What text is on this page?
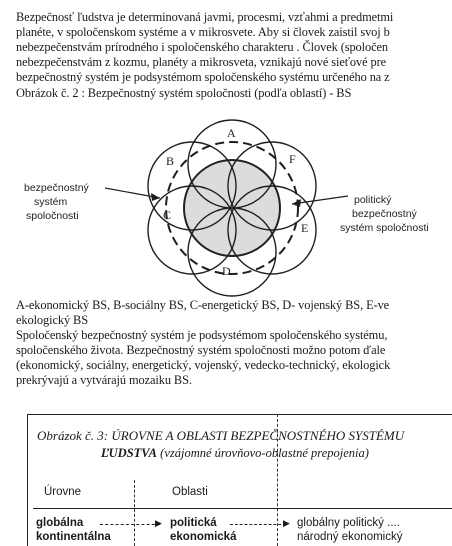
Bezpečnosť ľudstva je determinovaná javmi, procesmi, vzťahmi a predmetmi
planéte, v spoločenskom systéme a v mikrosvete. Aby si človek zaistil svoj b
nebezpečenstvám prírodného i spoločenského charakteru . Človek (spoločen
nebezpečenstvám z kozmu, planéty a mikrosveta, vznikajú nové sieťové pre
bezpečnostný systém je podsystémom spoločenského systému určeného na z
Obrázok č. 2 : Bezpečnostný systém spoločnosti (podľa oblastí) - BS
A
B
C
D
E
F
bezpečnostný
systém
spoločnosti
politický
bezpečnostný
systém spoločnosti
A-ekonomický BS, B-sociálny BS, C-energetický BS, D- vojenský BS, E-ve
ekologický BS
Spoločenský bezpečnostný systém je podsystémom spoločenského systému,
spoločenského života. Bezpečnostný systém spoločnosti možno potom ďale
(ekonomický, sociálny, energetický, vojenský, vedecko-technický, ekologick
prekrývajú a vytvárajú mozaiku BS.
Obrázok č. 3: ÚROVNE A OBLASTI BEZPEČNOSTNÉHO SYSTÉMU
ĽUDSTVA (vzájomné úrovňovo-oblastné prepojenia)
Úrovne	Oblasti
globálna
kontinentálna
▶ politická
ekonomická
▶ globálny politický ....
národný ekonomický
